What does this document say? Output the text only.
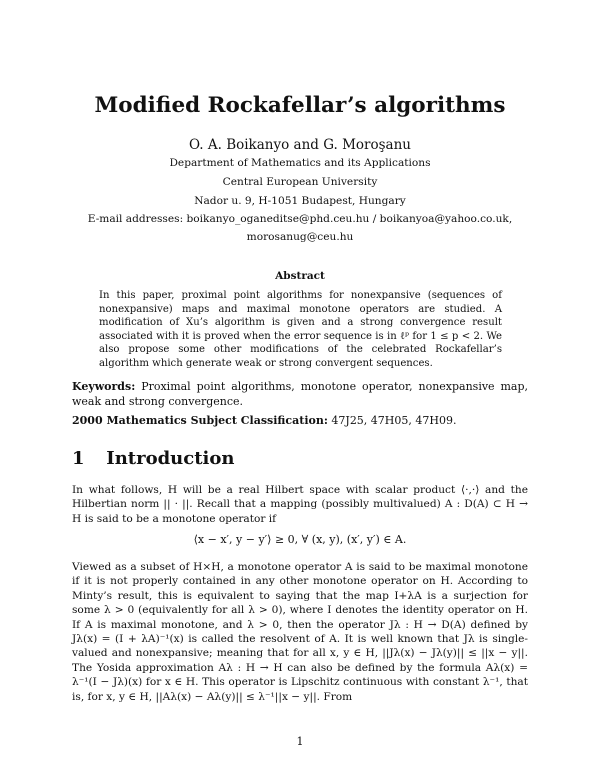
Modified Rockafellar’s algorithms
O. A. Boikanyo and G. Moroşanu
Department of Mathematics and its Applications
Central European University
Nador u. 9, H-1051 Budapest, Hungary
E-mail addresses: boikanyo_oganeditse@phd.ceu.hu / boikanyoa@yahoo.co.uk,
morosanug@ceu.hu
Abstract
In this paper, proximal point algorithms for nonexpansive (sequences of nonexpansive) maps and maximal monotone operators are studied. A modification of Xu’s algorithm is given and a strong convergence result associated with it is proved when the error sequence is in ℓᵖ for 1 ≤ p < 2. We also propose some other modifications of the celebrated Rockafellar’s algorithm which generate weak or strong convergent sequences.
Keywords: Proximal point algorithms, monotone operator, nonexpansive map, weak and strong convergence.
2000 Mathematics Subject Classification: 47J25, 47H05, 47H09.
1 Introduction
In what follows, H will be a real Hilbert space with scalar product ⟨·,·⟩ and the Hilbertian norm || · ||. Recall that a mapping (possibly multivalued) A : D(A) ⊂ H → H is said to be a monotone operator if
⟨x − x′, y − y′⟩ ≥ 0, ∀ (x, y), (x′, y′) ∈ A.
Viewed as a subset of H×H, a monotone operator A is said to be maximal monotone if it is not properly contained in any other monotone operator on H. According to Minty’s result, this is equivalent to saying that the map I+λA is a surjection for some λ > 0 (equivalently for all λ > 0), where I denotes the identity operator on H. If A is maximal monotone, and λ > 0, then the operator Jλ : H → D(A) defined by Jλ(x) = (I + λA)⁻¹(x) is called the resolvent of A. It is well known that Jλ is single-valued and nonexpansive; meaning that for all x, y ∈ H, ||Jλ(x) − Jλ(y)|| ≤ ||x − y||. The Yosida approximation Aλ : H → H can also be defined by the formula Aλ(x) = λ⁻¹(I − Jλ)(x) for x ∈ H. This operator is Lipschitz continuous with constant λ⁻¹, that is, for x, y ∈ H, ||Aλ(x) − Aλ(y)|| ≤ λ⁻¹||x − y||. From
1
